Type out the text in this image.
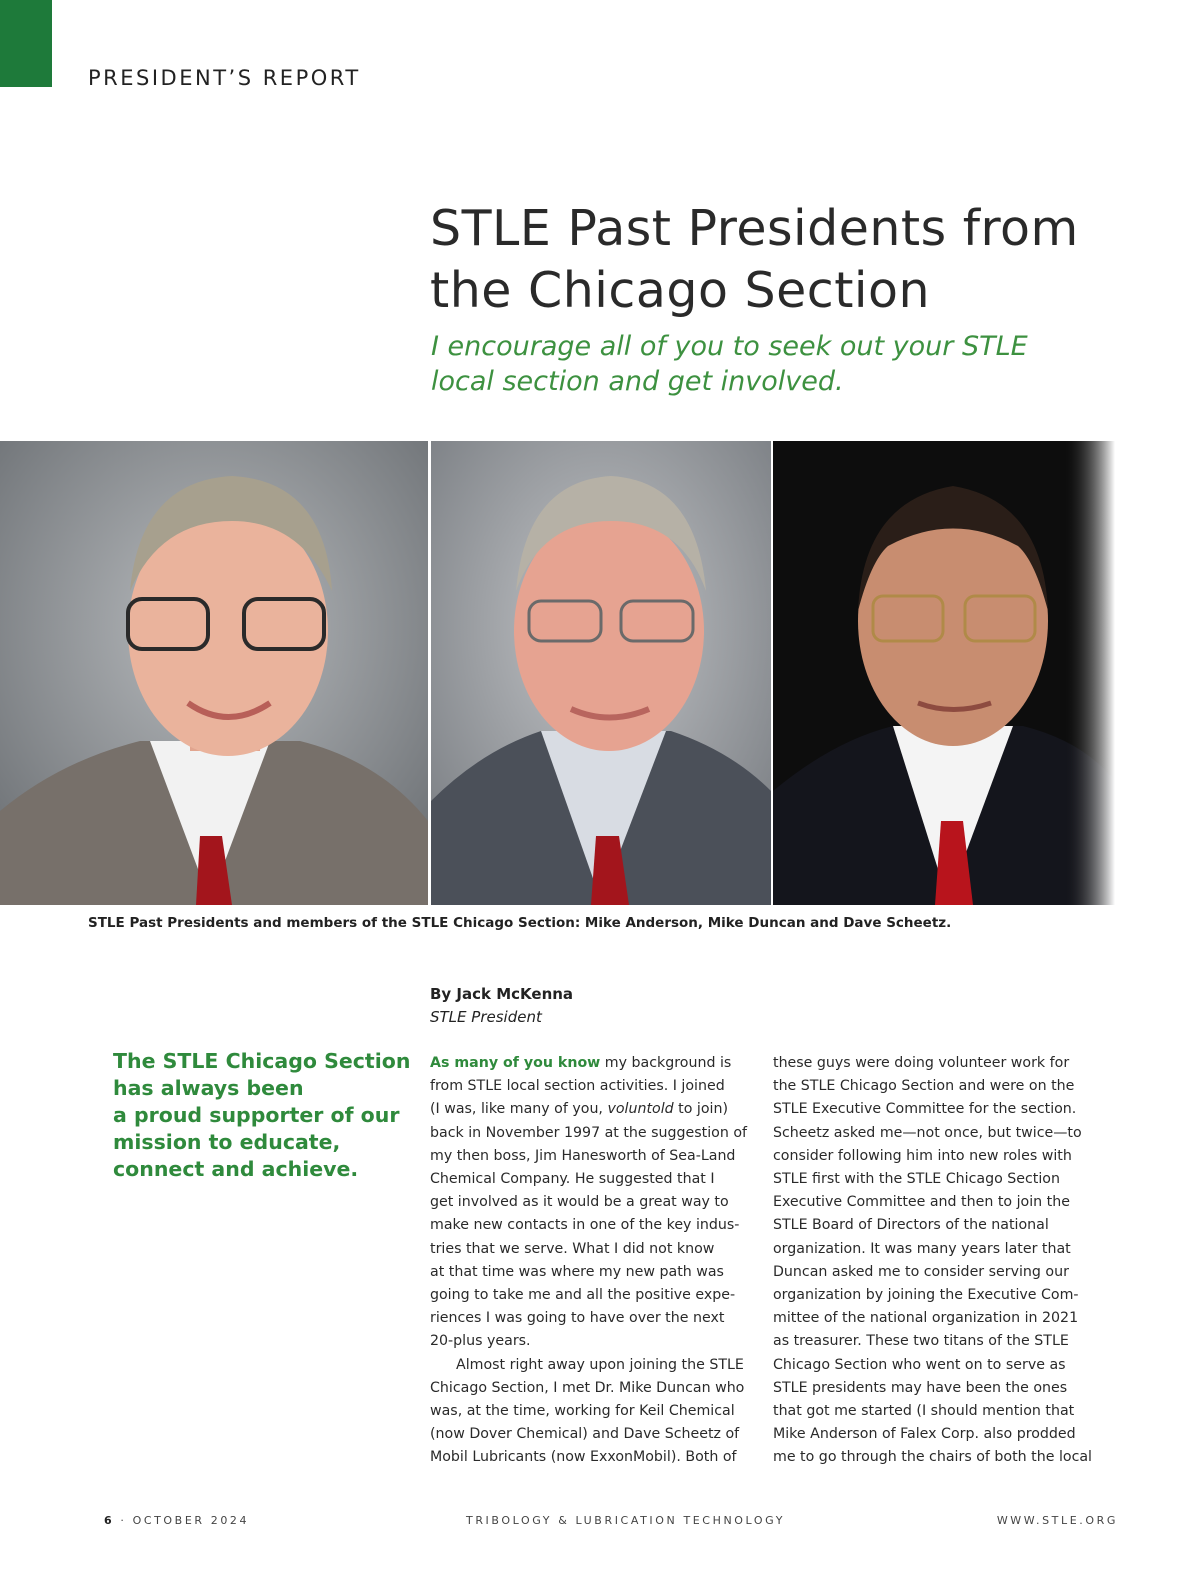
PRESIDENT’S REPORT
STLE Past Presidents from
the Chicago Section

I encourage all of you to seek out your STLE
local section and get involved.

STLE Past Presidents and members of the STLE Chicago Section: Mike Anderson, Mike Duncan and Dave Scheetz.
By Jack McKenna
STLE President
The STLE Chicago Section
has always been
a proud supporter of our
mission to educate,
connect and achieve.
As many of you know my background is
from STLE local section activities. I joined
(I was, like many of you, voluntold to join)
back in November 1997 at the suggestion of
my then boss, Jim Hanesworth of Sea-Land
Chemical Company. He suggested that I
get involved as it would be a great way to
make new contacts in one of the key indus-
tries that we serve. What I did not know
at that time was where my new path was
going to take me and all the positive expe-
riences I was going to have over the next
20-plus years.
Almost right away upon joining the STLE
Chicago Section, I met Dr. Mike Duncan who
was, at the time, working for Keil Chemical
(now Dover Chemical) and Dave Scheetz of
Mobil Lubricants (now ExxonMobil). Both of
these guys were doing volunteer work for
the STLE Chicago Section and were on the
STLE Executive Committee for the section.
Scheetz asked me—not once, but twice—to
consider following him into new roles with
STLE first with the STLE Chicago Section
Executive Committee and then to join the
STLE Board of Directors of the national
organization. It was many years later that
Duncan asked me to consider serving our
organization by joining the Executive Com-
mittee of the national organization in 2021
as treasurer. These two titans of the STLE
Chicago Section who went on to serve as
STLE presidents may have been the ones
that got me started (I should mention that
Mike Anderson of Falex Corp. also prodded
me to go through the chairs of both the local
6 · OCTOBER 2024	TRIBOLOGY & LUBRICATION TECHNOLOGY	WWW.STLE.ORG
